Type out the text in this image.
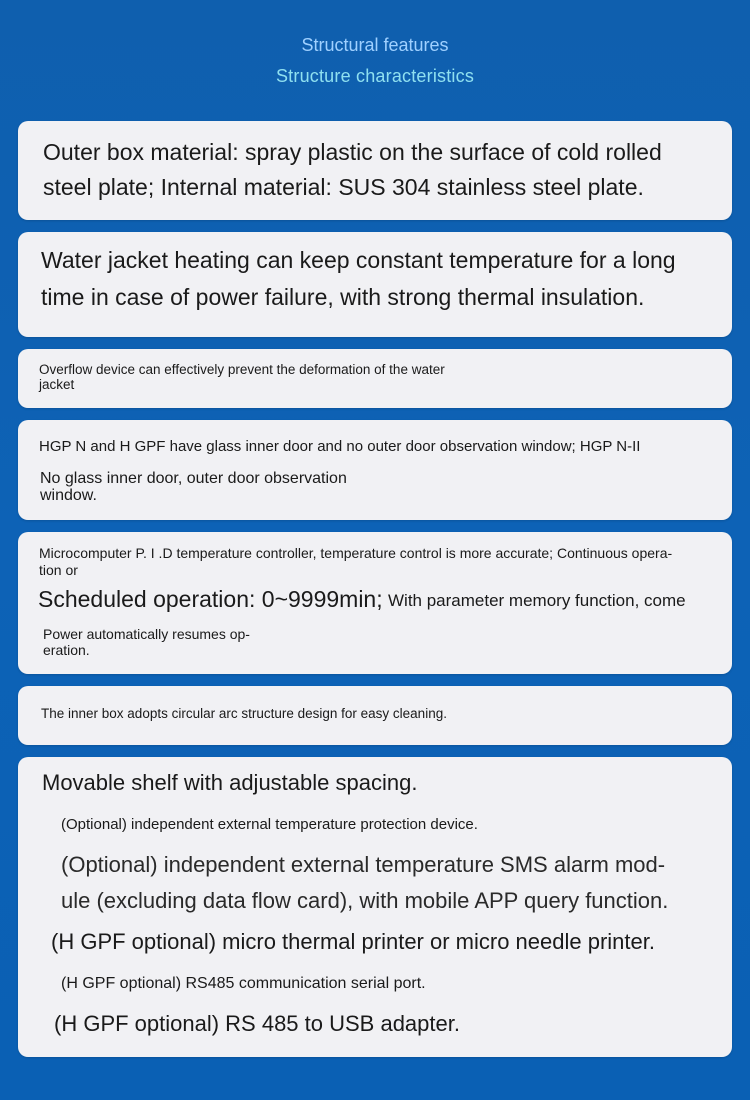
Structural features
Structure characteristics
Outer box material: spray plastic on the surface of cold rolled
steel plate; Internal material: SUS 304 stainless steel plate.
Water jacket heating can keep constant temperature for a long
time in case of power failure, with strong thermal insulation.
Overflow device can effectively prevent the deformation of the water
jacket
HGP N and H GPF have glass inner door and no outer door observation window; HGP N-II
No glass inner door, outer door observation
window.
Microcomputer P. I .D temperature controller, temperature control is more accurate; Continuous opera-
tion or
Scheduled operation: 0~9999min; With parameter memory function, come
Power automatically resumes op-
eration.
The inner box adopts circular arc structure design for easy cleaning.
Movable shelf with adjustable spacing.
(Optional) independent external temperature protection device.
(Optional) independent external temperature SMS alarm mod-
ule (excluding data flow card), with mobile APP query function.
(H GPF optional) micro thermal printer or micro needle printer.
(H GPF optional) RS485 communication serial port.
(H GPF optional) RS 485 to USB adapter.
